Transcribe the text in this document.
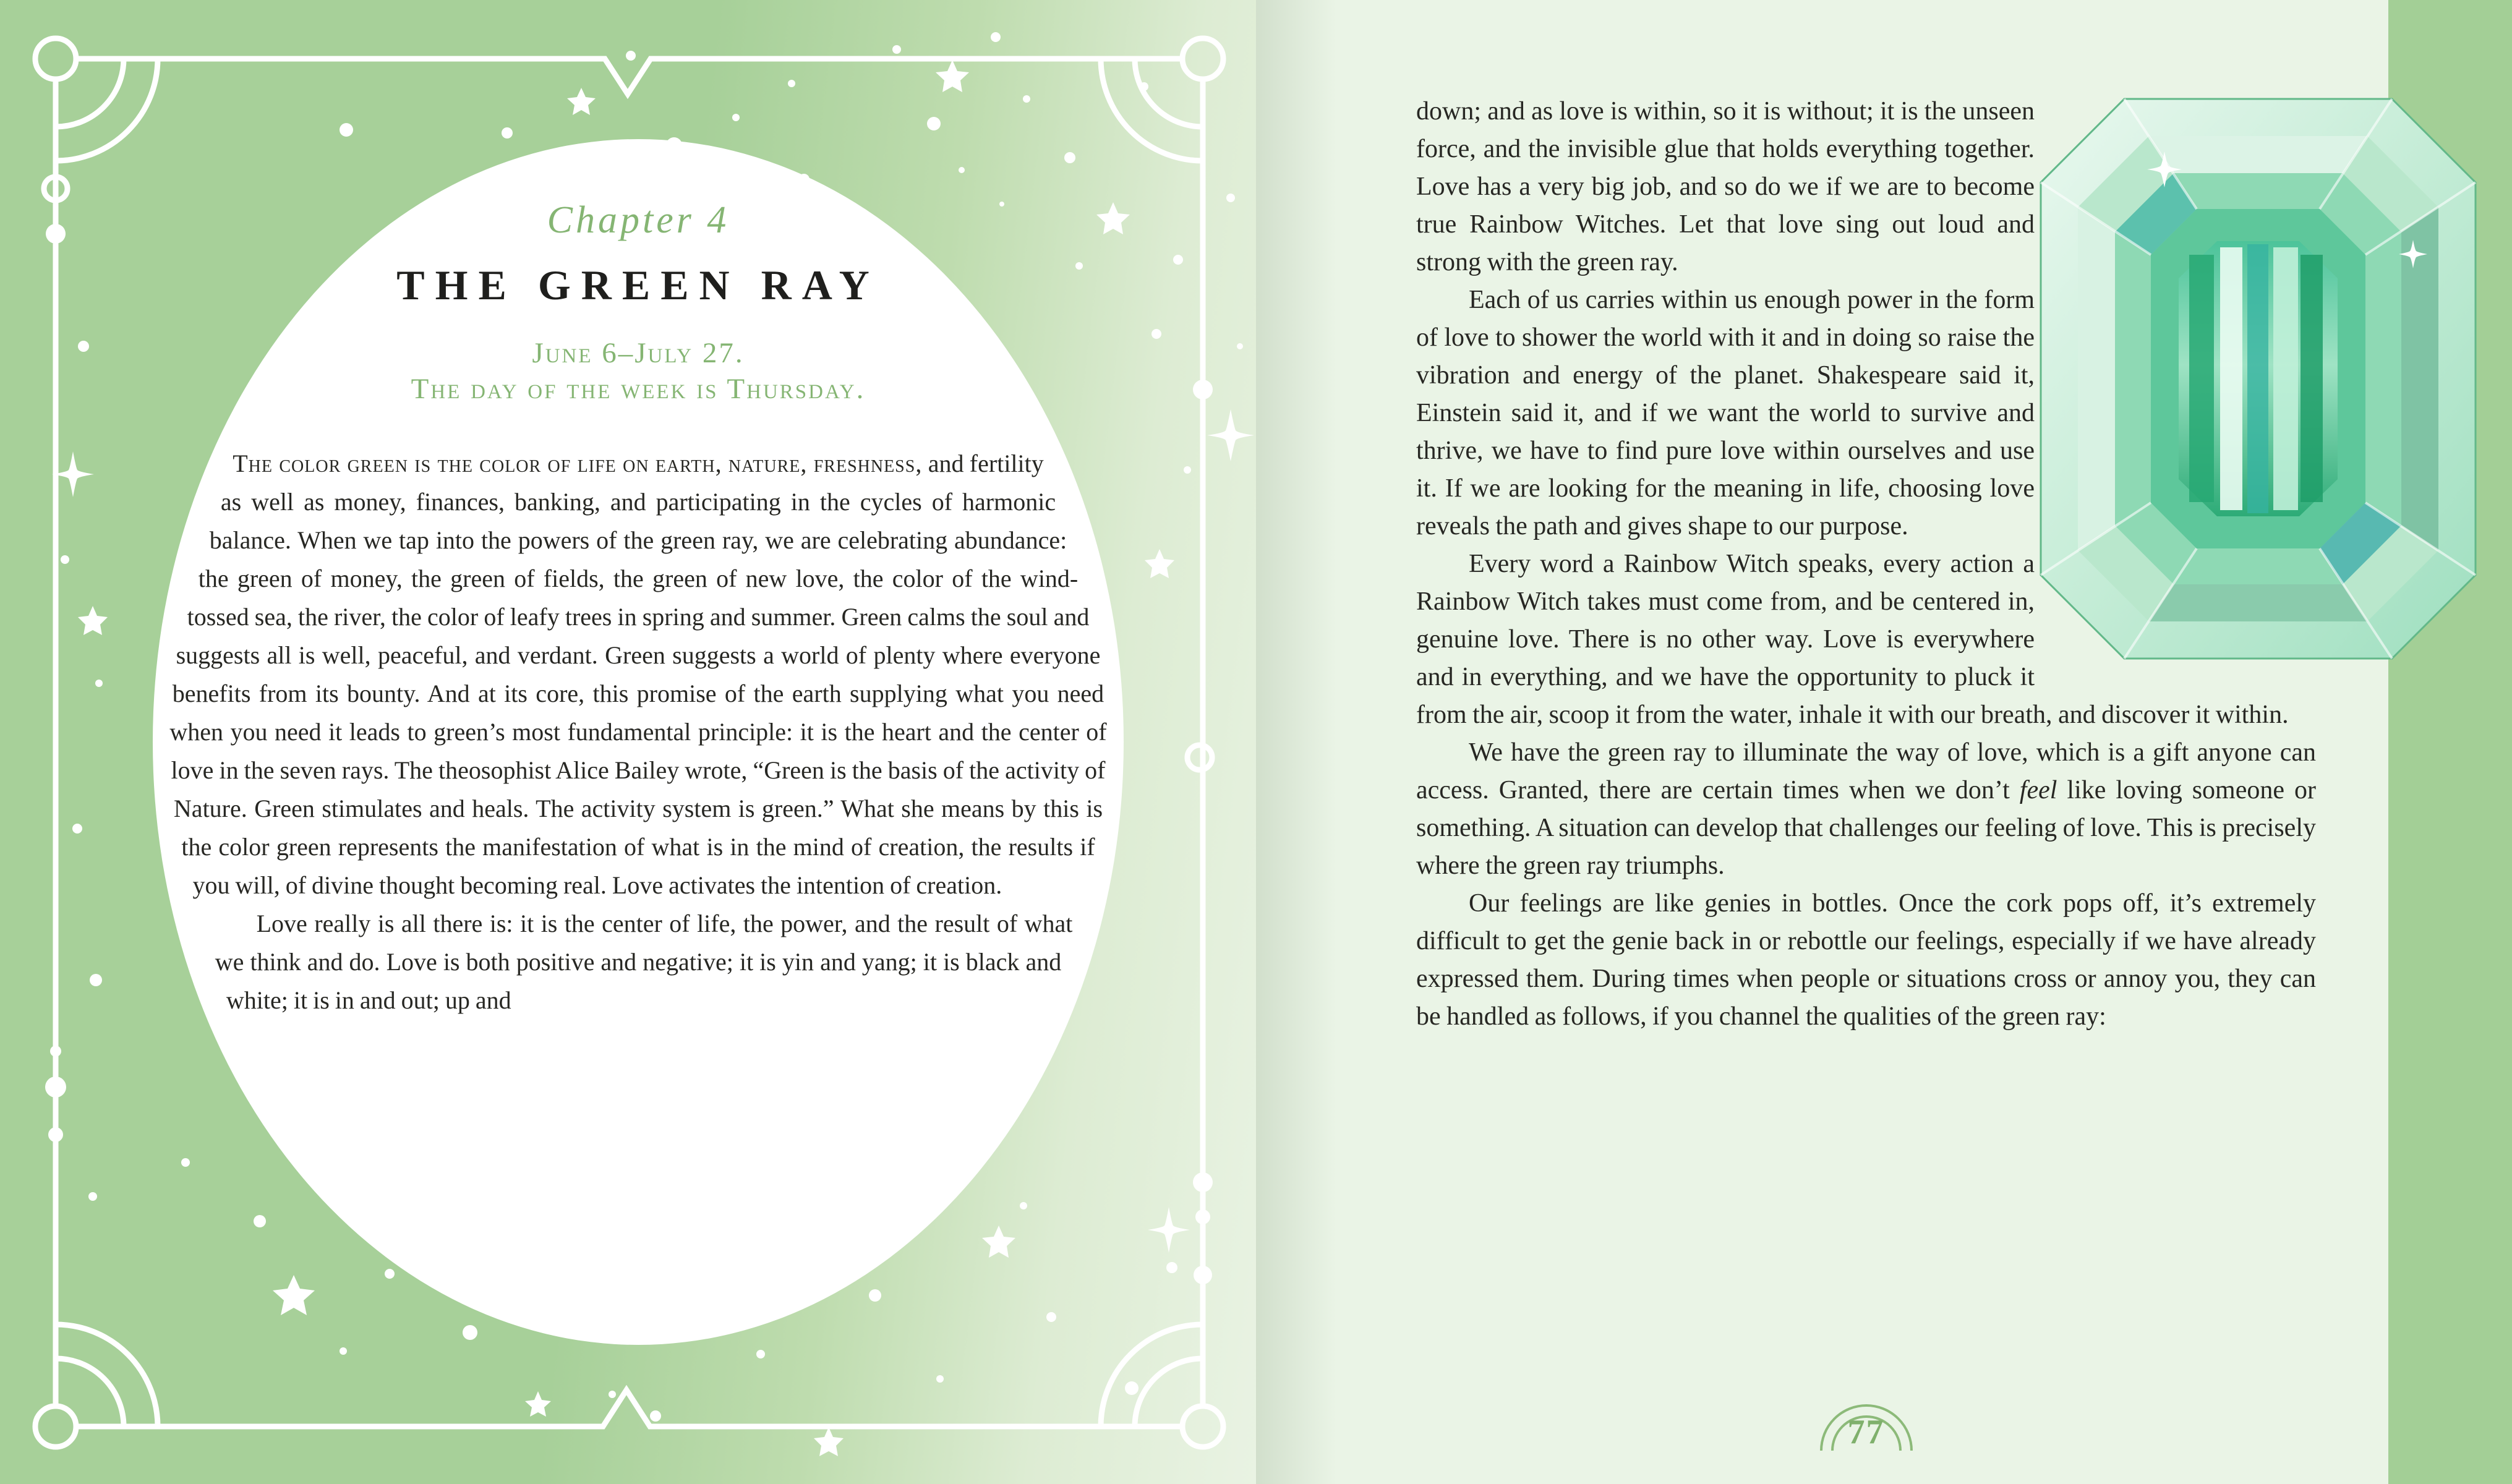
Chapter 4
THE GREEN RAY
June 6–July 27.
The day of the week is Thursday.

The color green is the color of life on earth, nature, freshness, and fertility as well as money, finances, banking, and participating in the cycles of harmonic balance. When we tap into the powers of the green ray, we are celebrating abundance: the green of money, the green of fields, the green of new love, the color of the wind-tossed sea, the river, the color of leafy trees in spring and summer. Green calms the soul and suggests all is well, peaceful, and verdant. Green suggests a world of plenty where everyone benefits from its bounty. And at its core, this promise of the earth supplying what you need when you need it leads to green’s most fundamental principle: it is the heart and the center of love in the seven rays. The theosophist Alice Bailey wrote, “Green is the basis of the activity of Nature. Green stimulates and heals. The activity system is green.” What she means by this is the color green represents the manifestation of what is in the mind of creation, the results if you will, of divine thought becoming real. Love activates the intention of creation.

Love really is all there is: it is the center of life, the power, and the result of what we think and do. Love is both positive and negative; it is yin and yang; it is black and white; it is in and out; up and

down; and as love is within, so it is without; it is the unseen force, and the invisible glue that holds everything together. Love has a very big job, and so do we if we are to become true Rainbow Witches. Let that love sing out loud and strong with the green ray.

Each of us carries within us enough power in the form of love to shower the world with it and in doing so raise the vibration and energy of the planet. Shakespeare said it, Einstein said it, and if we want the world to survive and thrive, we have to find pure love within ourselves and use it. If we are looking for the meaning in life, choosing love reveals the path and gives shape to our purpose.

Every word a Rainbow Witch speaks, every action a Rainbow Witch takes must come from, and be centered in, genuine love. There is no other way. Love is everywhere and in everything, and we have the opportunity to pluck it from the air, scoop it from the water, inhale it with our breath, and discover it within.

We have the green ray to illuminate the way of love, which is a gift anyone can access. Granted, there are certain times when we don’t feel like loving someone or something. A situation can develop that challenges our feeling of love. This is precisely where the green ray triumphs.

Our feelings are like genies in bottles. Once the cork pops off, it’s extremely difficult to get the genie back in or rebottle our feelings, especially if we have already expressed them. During times when people or situations cross or annoy you, they can be handled as follows, if you channel the qualities of the green ray:

77
